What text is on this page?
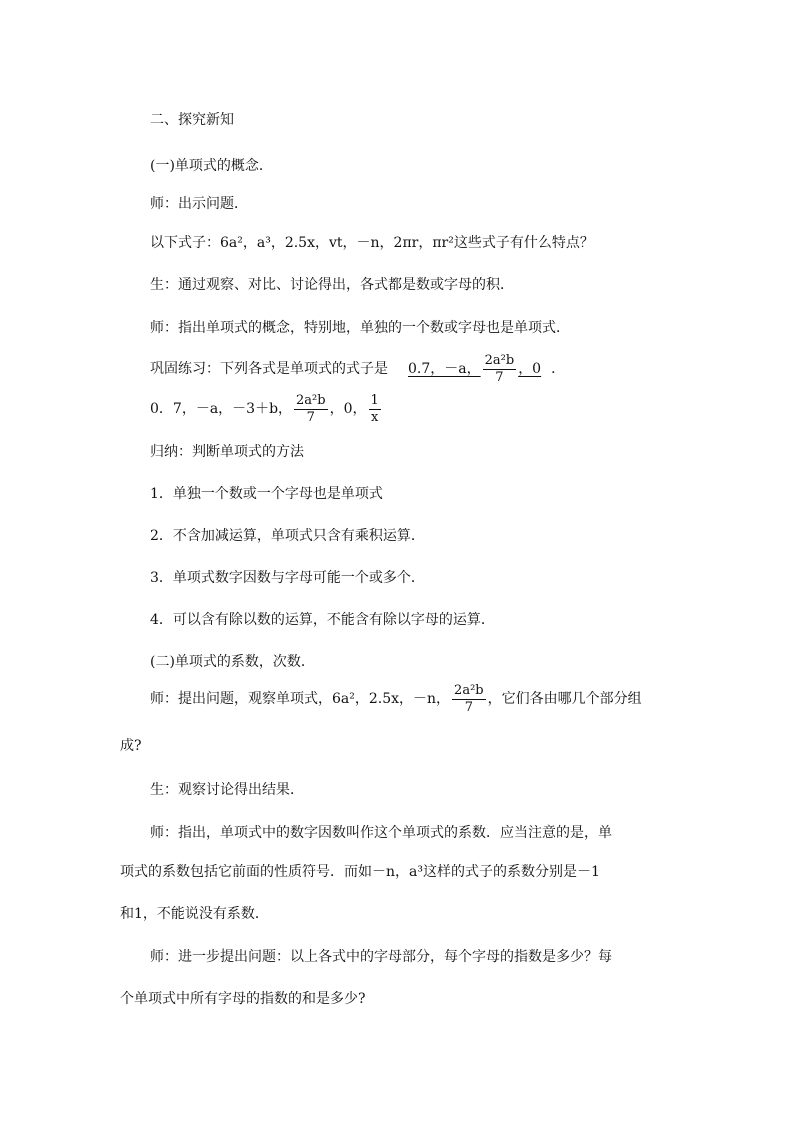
二、探究新知
(一)单项式的概念．
师：出示问题．
以下式子：6a²，a³，2.5x，vt，－n，2πr，πr²这些式子有什么特点？
生：通过观察、对比、讨论得出，各式都是数或字母的积．
师：指出单项式的概念，特别地，单独的一个数或字母也是单项式．
巩固练习：下列各式是单项式的式子是 0.7，－a， $\frac{\text{2a²b}}{7}$ ，0 ．
0．7，－a，－3＋b， $\frac{\text{2a²b}}{7}$ ，0， $\frac{1}{x}$
归纳：判断单项式的方法
1．单独一个数或一个字母也是单项式
2．不含加减运算，单项式只含有乘积运算．
3．单项式数字因数与字母可能一个或多个．
4．可以含有除以数的运算，不能含有除以字母的运算．
(二)单项式的系数，次数．
师：提出问题，观察单项式，6a²，2.5x，－n， $\frac{\text{2a²b}}{7}$ ，它们各由哪几个部分组
成?
生：观察讨论得出结果．
师：指出，单项式中的数字因数叫作这个单项式的系数．应当注意的是，单
项式的系数包括它前面的性质符号．而如－n，a³这样的式子的系数分别是－1
和1，不能说没有系数．
师：进一步提出问题：以上各式中的字母部分，每个字母的指数是多少？每
个单项式中所有字母的指数的和是多少?
